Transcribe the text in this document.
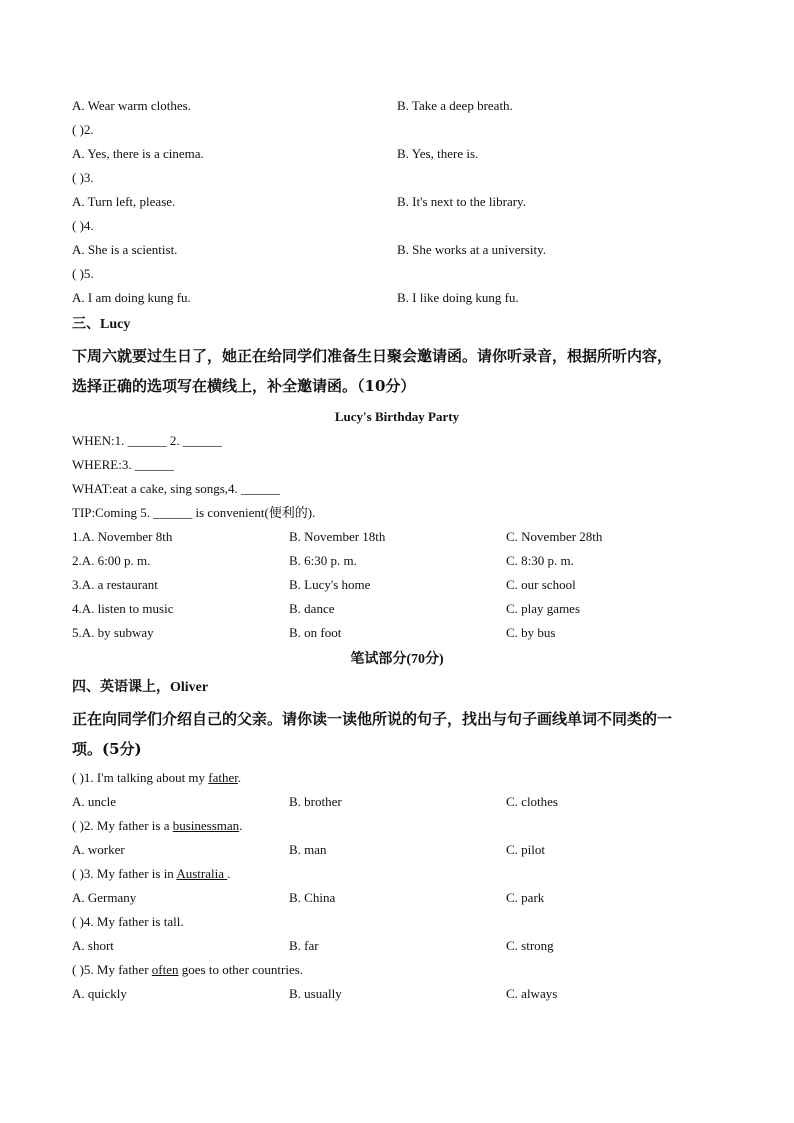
A. Wear warm clothes.	B. Take a deep breath.
( )2.
A. Yes, there is a cinema.	B. Yes, there is.
( )3.
A. Turn left, please.	B. It's next to the library.
( )4.
A. She is a scientist.	B. She works at a university.
( )5.
A. I am doing kung fu.	B. I like doing kung fu.
三、Lucy
下周六就要过生日了，她正在给同学们准备生日聚会邀请函。请你听录音，根据所听内容，
选择正确的选项写在横线上，补全邀请函。（10分）
Lucy's Birthday Party
WHEN:1. ______ 2. ______
WHERE:3. ______
WHAT:eat a cake, sing songs,4. ______
TIP:Coming 5. ______ is convenient(便利的).
1.A. November 8th	B. November 18th	C. November 28th
2.A. 6:00 p. m.	B. 6:30 p. m.	C. 8:30 p. m.
3.A. a restaurant	B. Lucy's home	C. our school
4.A. listen to music	B. dance	C. play games
5.A. by subway	B. on foot	C. by bus
笔试部分(70分)
四、英语课上，Oliver
正在向同学们介绍自己的父亲。请你读一读他所说的句子，找出与句子画线单词不同类的一
项。(5分)
( )1. I'm talking about my father.
A. uncle	B. brother	C. clothes
( )2. My father is a businessman.
A. worker	B. man	C. pilot
( )3. My father is in Australia .
A. Germany	B. China	C. park
( )4. My father is tall.
A. short	B. far	C. strong
( )5. My father often goes to other countries.
A. quickly	B. usually	C. always
